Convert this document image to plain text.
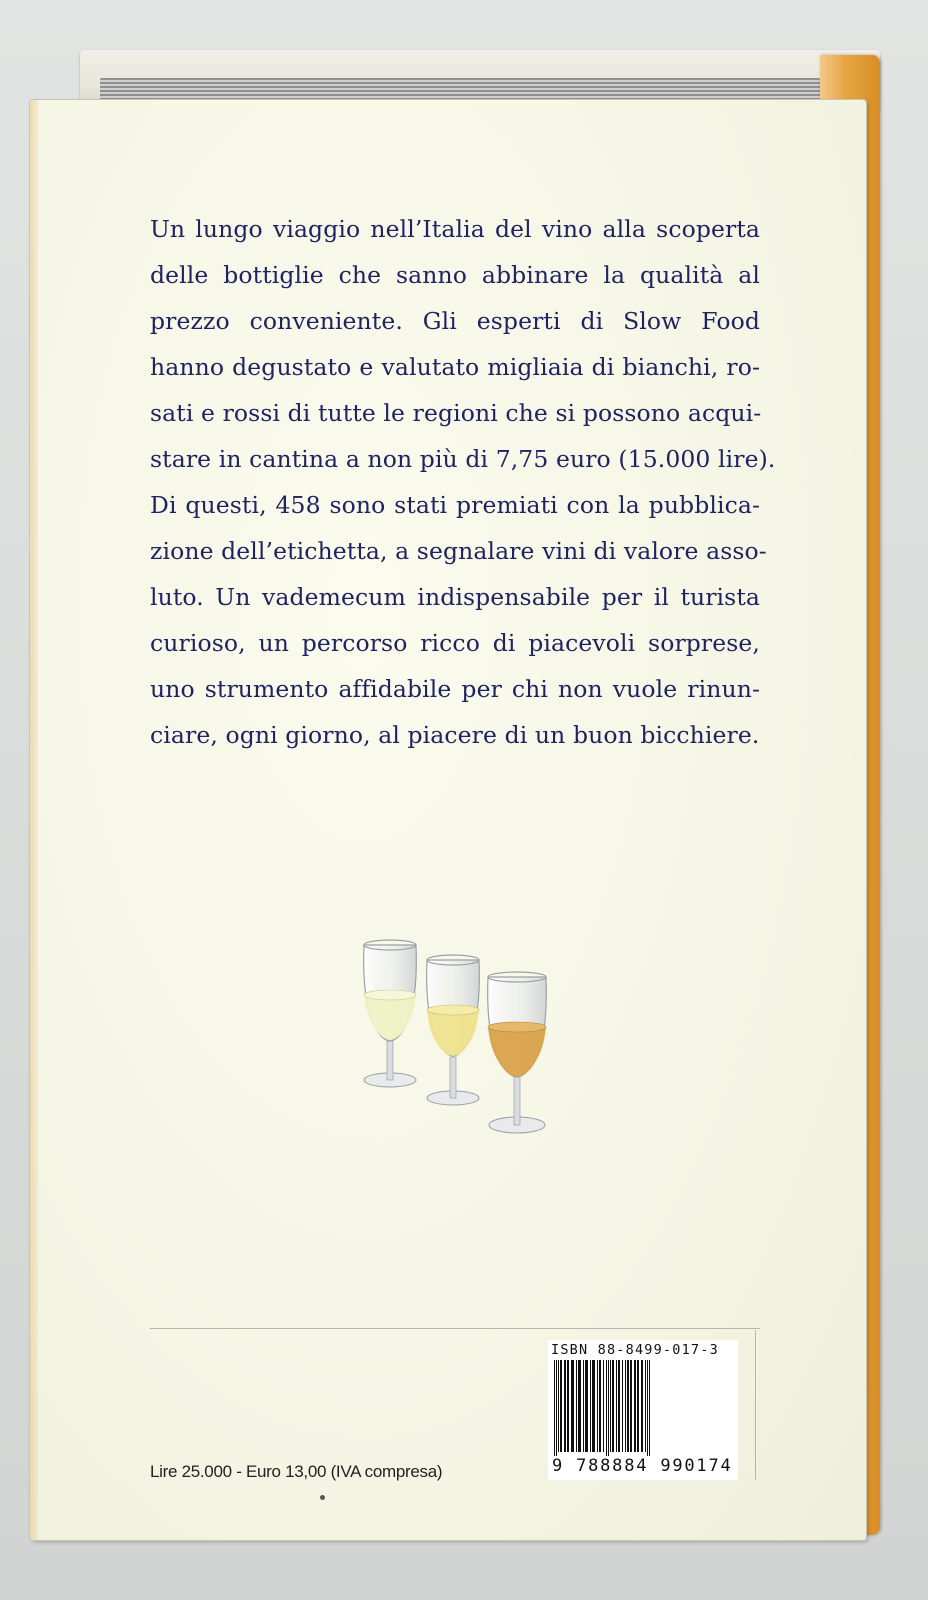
Un lungo viaggio nell’Italia del vino alla scoperta
delle bottiglie che sanno abbinare la qualità al
prezzo conveniente. Gli esperti di Slow Food
hanno degustato e valutato migliaia di bianchi, ro-
sati e rossi di tutte le regioni che si possono acqui-
stare in cantina a non più di 7,75 euro (15.000 lire).
Di questi, 458 sono stati premiati con la pubblica-
zione dell’etichetta, a segnalare vini di valore asso-
luto. Un vademecum indispensabile per il turista
curioso, un percorso ricco di piacevoli sorprese,
uno strumento affidabile per chi non vuole rinun-
ciare, ogni giorno, al piacere di un buon bicchiere.

Lire 25.000 - Euro 13,00 (IVA compresa)
ISBN 88-8499-017-3
9 788884 990174
